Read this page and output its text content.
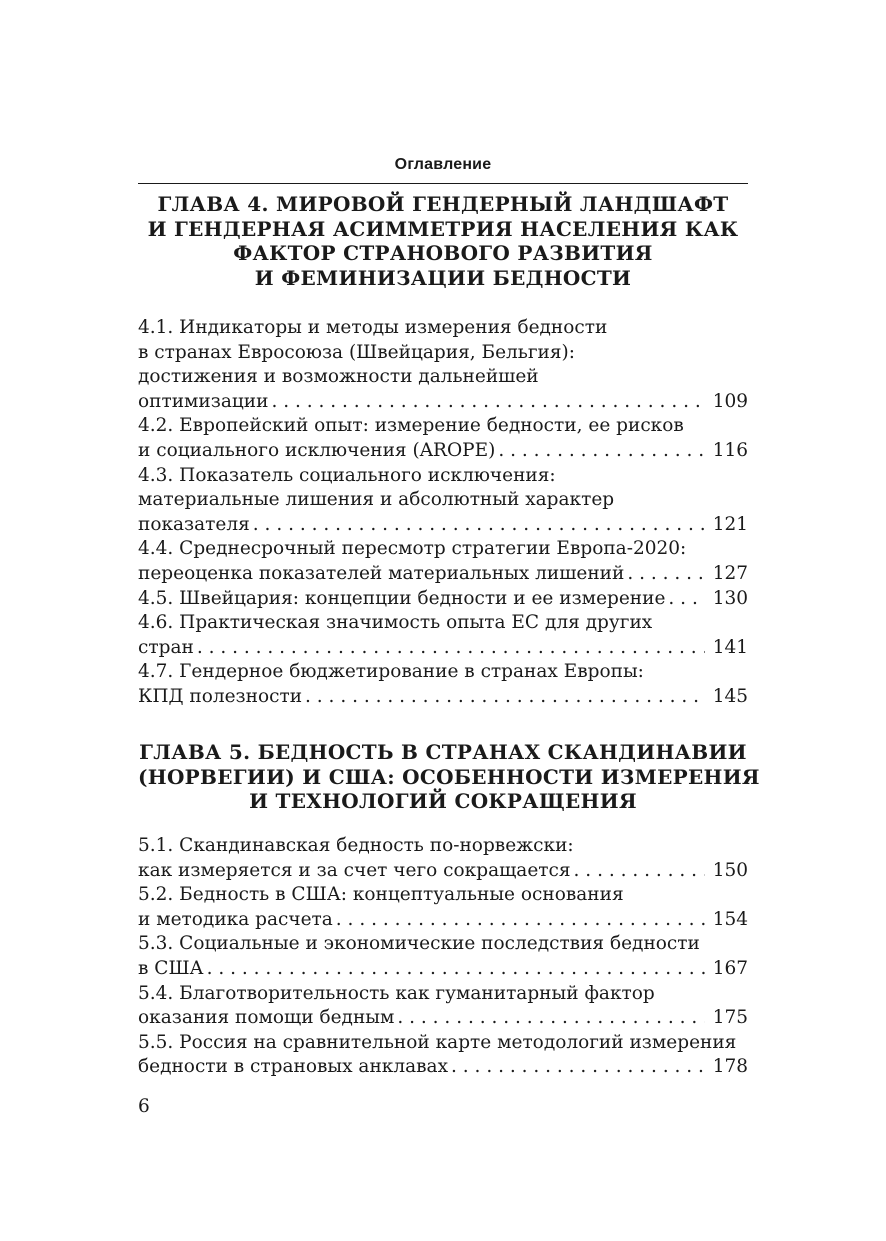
Оглавление
ГЛАВА 4. МИРОВОЙ ГЕНДЕРНЫЙ ЛАНДШАФТ
И ГЕНДЕРНАЯ АСИММЕТРИЯ НАСЕЛЕНИЯ КАК
ФАКТОР СТРАНОВОГО РАЗВИТИЯ
И ФЕМИНИЗАЦИИ БЕДНОСТИ
4.1. Индикаторы и методы измерения бедности
в странах Евросоюза (Швейцария, Бельгия):
достижения и возможности дальнейшей
оптимизации . . .	109
4.2. Европейский опыт: измерение бедности, ее рисков
и социального исключения (AROPE) . . .	116
4.3. Показатель социального исключения:
материальные лишения и абсолютный характер
показателя . . .	121
4.4. Среднесрочный пересмотр стратегии Европа-2020:
переоценка показателей материальных лишений . . .	127
4.5. Швейцария: концепции бедности и ее измерение . . .	130
4.6. Практическая значимость опыта ЕС для других
стран . . .	141
4.7. Гендерное бюджетирование в странах Европы:
КПД полезности . . .	145
ГЛАВА 5. БЕДНОСТЬ В СТРАНАХ СКАНДИНАВИИ
(НОРВЕГИИ) И США: ОСОБЕННОСТИ ИЗМЕРЕНИЯ
И ТЕХНОЛОГИЙ СОКРАЩЕНИЯ
5.1. Скандинавская бедность по-норвежски:
как измеряется и за счет чего сокращается . . .	150
5.2. Бедность в США: концептуальные основания
и методика расчета . . .	154
5.3. Социальные и экономические последствия бедности
в США . . .	167
5.4. Благотворительность как гуманитарный фактор
оказания помощи бедным . . .	175
5.5. Россия на сравнительной карте методологий измерения
бедности в страновых анклавах . . .	178
6
